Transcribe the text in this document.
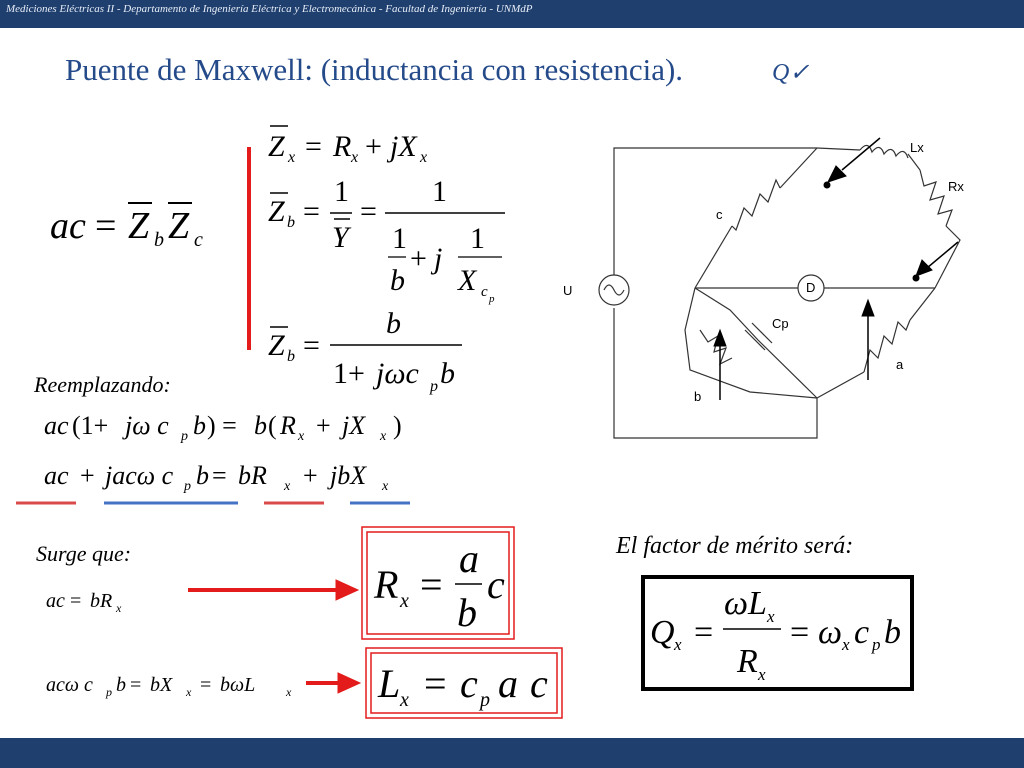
Mediciones Eléctricas II - Departamento de Ingeniería Eléctrica y Electromecánica - Facultad de Ingeniería - UNMdP
Puente de Maxwell: (inductancia con resistencia).	Q✓
ac = Z b Z c
Z x = R x + jX x
Z b =
1
Y
=
1
1
b
+ j
1
X c p
Z b =
b
1+ jωc p b
ac (1+ jω c p b ) = b ( R x + jX x )
ac + jacω c p b = bR x + jbX x
ac = bR x
acω c p b = bX x = bωL	x
R x =
a
b
c
L x = c p a c
Q x =
ωL x
R x
= ω x c p b
Reemplazando:
Surge que:	El factor de mérito será:
Lx
Rx
c
U	D
Cp
a
b
